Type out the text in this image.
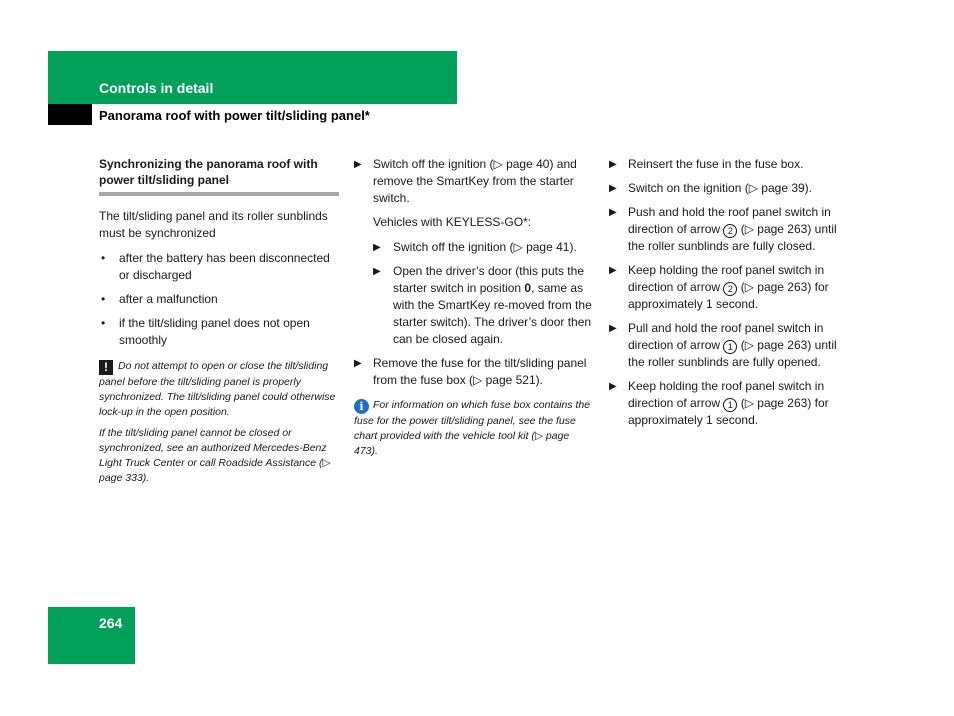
Controls in detail
Panorama roof with power tilt/sliding panel*
Synchronizing the panorama roof with power tilt/sliding panel

The tilt/sliding panel and its roller sunblinds must be synchronized

• after the battery has been disconnected or discharged
• after a malfunction
• if the tilt/sliding panel does not open smoothly
! Do not attempt to open or close the tilt/sliding panel before the tilt/sliding panel is properly synchronized. The tilt/sliding panel could otherwise lock-up in the open position.
If the tilt/sliding panel cannot be closed or synchronized, see an authorized Mercedes-Benz Light Truck Center or call Roadside Assistance (▷ page 333).
▶ Switch off the ignition (▷ page 40) and remove the SmartKey from the starter switch.

Vehicles with KEYLESS-GO*:

▶	Switch off the ignition (▷ page 41).
▶	Open the driver’s door (this puts the starter switch in position 0, same as with the SmartKey re-moved from the starter switch). The driver’s door then can be closed again.
▶ Remove the fuse for the tilt/sliding panel from the fuse box (▷ page 521).
i For information on which fuse box contains the fuse for the power tilt/sliding panel, see the fuse chart provided with the vehicle tool kit (▷ page 473).
▶ Reinsert the fuse in the fuse box.
▶ Switch on the ignition (▷ page 39).
▶ Push and hold the roof panel switch in direction of arrow 2 (▷ page 263) until the roller sunblinds are fully closed.
▶ Keep holding the roof panel switch in direction of arrow 2 (▷ page 263) for approximately 1 second.
▶ Pull and hold the roof panel switch in direction of arrow 1 (▷ page 263) until the roller sunblinds are fully opened.
▶ Keep holding the roof panel switch in direction of arrow 1 (▷ page 263) for approximately 1 second.
264
